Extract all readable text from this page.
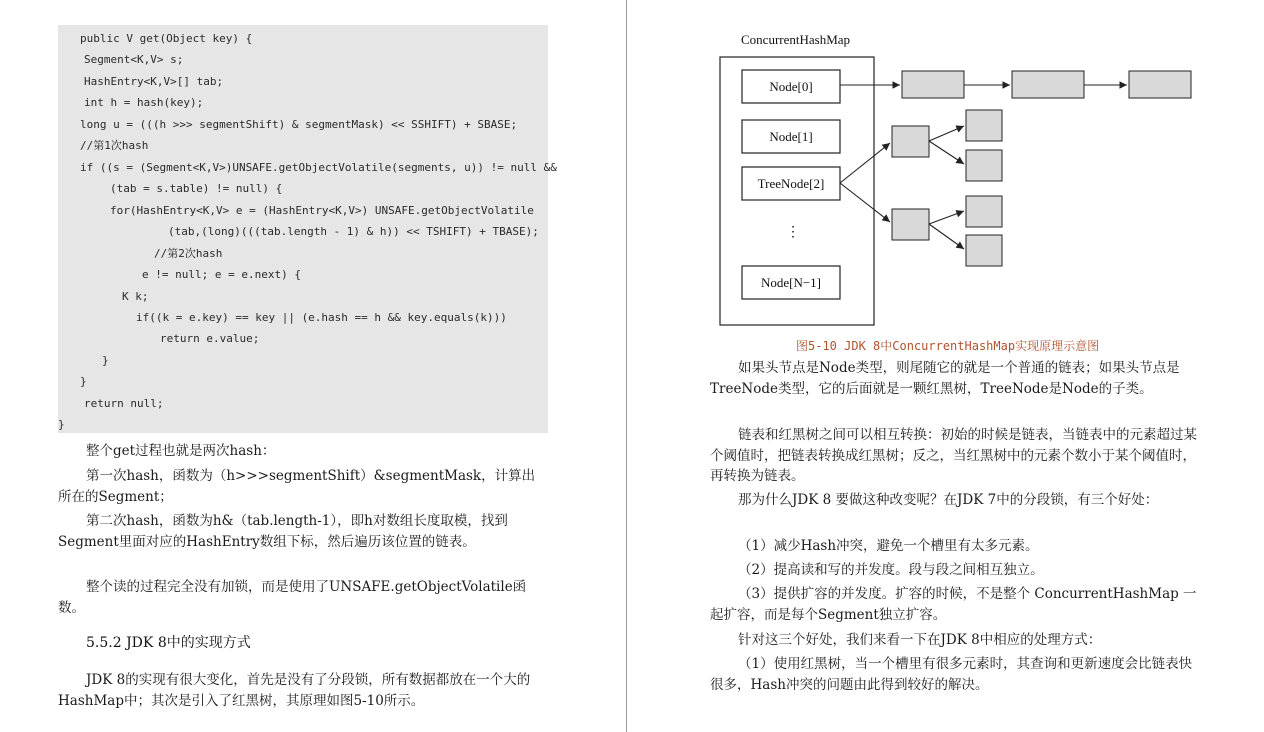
public V get(Object key) {
Segment<K,V> s;
HashEntry<K,V>[] tab;
int h = hash(key);
long u = (((h >>> segmentShift) & segmentMask) << SSHIFT) + SBASE;
//第1次hash
if ((s = (Segment<K,V>)UNSAFE.getObjectVolatile(segments, u)) != null &&
(tab = s.table) != null) {
for(HashEntry<K,V> e = (HashEntry<K,V>) UNSAFE.getObjectVolatile
(tab,(long)(((tab.length - 1) & h)) << TSHIFT) + TBASE);
//第2次hash
e != null; e = e.next) {
K k;
if((k = e.key) == key || (e.hash == h && key.equals(k)))
return e.value;
}
}
return null;
}

整个get过程也就是两次hash：

第一次hash，函数为（h>>>segmentShift）&segmentMask，计算出所在的Segment；

第二次hash，函数为h&（tab.length-1），即h对数组长度取模，找到Segment里面对应的HashEntry数组下标，然后遍历该位置的链表。

整个读的过程完全没有加锁，而是使用了UNSAFE.getObjectVolatile函数。

5.5.2 JDK 8中的实现方式

JDK 8的实现有很大变化，首先是没有了分段锁，所有数据都放在一个大的HashMap中；其次是引入了红黑树，其原理如图5-10所示。

ConcurrentHashMap
Node[0]
Node[1]
TreeNode[2]
⋮
Node[N−1]
图5-10 JDK 8中ConcurrentHashMap实现原理示意图

如果头节点是Node类型，则尾随它的就是一个普通的链表；如果头节点是TreeNode类型，它的后面就是一颗红黑树，TreeNode是Node的子类。

链表和红黑树之间可以相互转换：初始的时候是链表，当链表中的元素超过某个阈值时，把链表转换成红黑树；反之，当红黑树中的元素个数小于某个阈值时，再转换为链表。

那为什么JDK 8 要做这种改变呢？在JDK 7中的分段锁，有三个好处：

（1）减少Hash冲突，避免一个槽里有太多元素。

（2）提高读和写的并发度。段与段之间相互独立。

（3）提供扩容的并发度。扩容的时候，不是整个 ConcurrentHashMap 一起扩容，而是每个Segment独立扩容。

针对这三个好处，我们来看一下在JDK 8中相应的处理方式：

（1）使用红黑树，当一个槽里有很多元素时，其查询和更新速度会比链表快很多，Hash冲突的问题由此得到较好的解决。
